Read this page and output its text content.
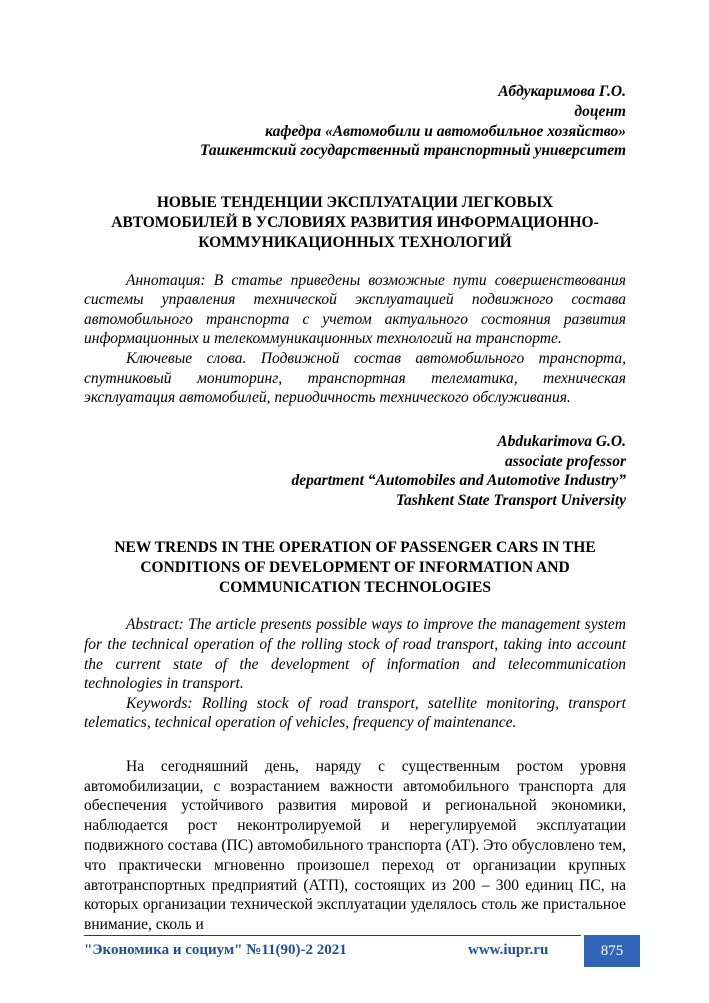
Абдукаримова Г.О.
доцент
кафедра «Автомобили и автомобильное хозяйство»
Ташкентский государственный транспортный университет
НОВЫЕ ТЕНДЕНЦИИ ЭКСПЛУАТАЦИИ ЛЕГКОВЫХ
АВТОМОБИЛЕЙ В УСЛОВИЯХ РАЗВИТИЯ ИНФОРМАЦИОННО-
КОММУНИКАЦИОННЫХ ТЕХНОЛОГИЙ

Аннотация: В статье приведены возможные пути совершенствования системы управления технической эксплуатацией подвижного состава автомобильного транспорта с учетом актуального состояния развития информационных и телекоммуникационных технологий на транспорте.

Ключевые слова. Подвижной состав автомобильного транспорта, спутниковый мониторинг, транспортная телематика, техническая эксплуатация автомобилей, периодичность технического обслуживания.

Abdukarimova G.O.
associate professor
department “Automobiles and Automotive Industry”
Tashkent State Transport University
NEW TRENDS IN THE OPERATION OF PASSENGER CARS IN THE
CONDITIONS OF DEVELOPMENT OF INFORMATION AND
COMMUNICATION TECHNOLOGIES

Abstract: The article presents possible ways to improve the management system for the technical operation of the rolling stock of road transport, taking into account the current state of the development of information and telecommunication technologies in transport.

Keywords: Rolling stock of road transport, satellite monitoring, transport telematics, technical operation of vehicles, frequency of maintenance.

На сегодняшний день, наряду с существенным ростом уровня автомобилизации, с возрастанием важности автомобильного транспорта для обеспечения устойчивого развития мировой и региональной экономики, наблюдается рост неконтролируемой и нерегулируемой эксплуатации подвижного состава (ПС) автомобильного транспорта (АТ). Это обусловлено тем, что практически мгновенно произошел переход от организации крупных автотранспортных предприятий (АТП), состоящих из 200 – 300 единиц ПС, на которых организации технической эксплуатации уделялось столь же пристальное внимание, сколь и

"Экономика и социум" №11(90)-2 2021	www.iupr.ru	875
